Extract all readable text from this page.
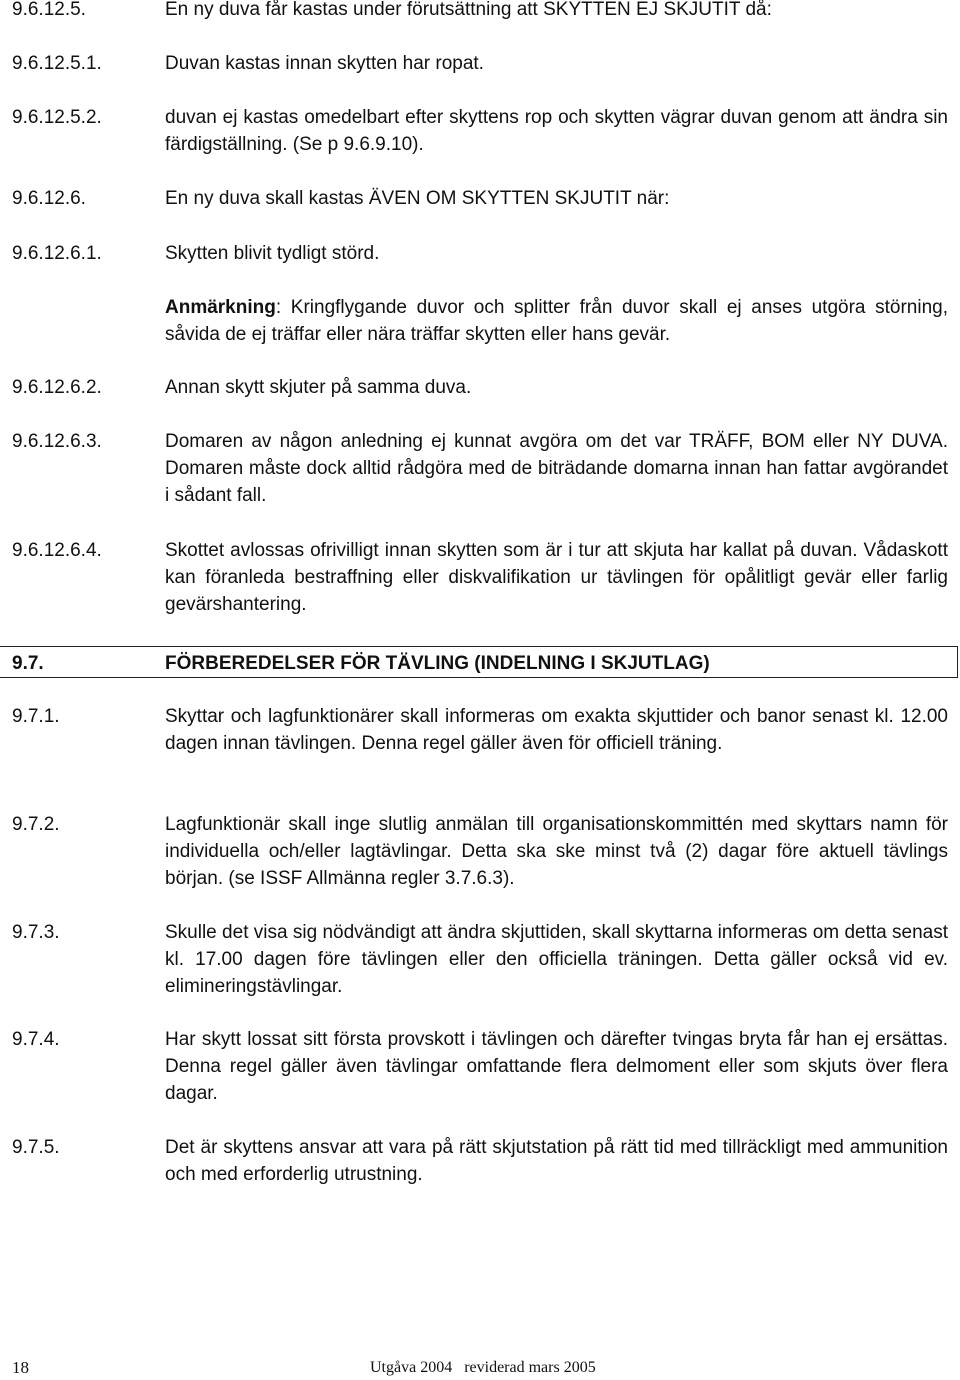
9.6.12.5.	En ny duva får kastas under förutsättning att SKYTTEN EJ SKJUTIT då:
9.6.12.5.1.	Duvan kastas innan skytten har ropat.
9.6.12.5.2.	duvan ej kastas omedelbart efter skyttens rop och skytten vägrar duvan genom att ändra sin färdigställning. (Se p 9.6.9.10).
9.6.12.6.	En ny duva skall kastas ÄVEN OM SKYTTEN SKJUTIT när:
9.6.12.6.1.	Skytten blivit tydligt störd.
Anmärkning: Kringflygande duvor och splitter från duvor skall ej anses utgöra störning, såvida de ej träffar eller nära träffar skytten eller hans gevär.
9.6.12.6.2.	Annan skytt skjuter på samma duva.
9.6.12.6.3.	Domaren av någon anledning ej kunnat avgöra om det var TRÄFF, BOM eller NY DUVA. Domaren måste dock alltid rådgöra med de biträdande domarna innan han fattar avgörandet i sådant fall.
9.6.12.6.4.	Skottet avlossas ofrivilligt innan skytten som är i tur att skjuta har kallat på duvan. Vådaskott kan föranleda bestraffning eller diskvalifikation ur tävlingen för opålitligt gevär eller farlig gevärshantering.
9.7.	FÖRBEREDELSER FÖR TÄVLING (INDELNING I SKJUTLAG)
9.7.1.	Skyttar och lagfunktionärer skall informeras om exakta skjuttider och banor senast kl. 12.00 dagen innan tävlingen. Denna regel gäller även för officiell träning.
9.7.2.	Lagfunktionär skall inge slutlig anmälan till organisationskommittén med skyttars namn för individuella och/eller lagtävlingar. Detta ska ske minst två (2) dagar före aktuell tävlings början. (se ISSF Allmänna regler 3.7.6.3).
9.7.3.	Skulle det visa sig nödvändigt att ändra skjuttiden, skall skyttarna informeras om detta senast kl. 17.00 dagen före tävlingen eller den officiella träningen. Detta gäller också vid ev. elimineringstävlingar.
9.7.4.	Har skytt lossat sitt första provskott i tävlingen och därefter tvingas bryta får han ej ersättas. Denna regel gäller även tävlingar omfattande flera delmoment eller som skjuts över flera dagar.
9.7.5.	Det är skyttens ansvar att vara på rätt skjutstation på rätt tid med tillräckligt med ammunition och med erforderlig utrustning.
18	Utgåva 2004   reviderad mars 2005
